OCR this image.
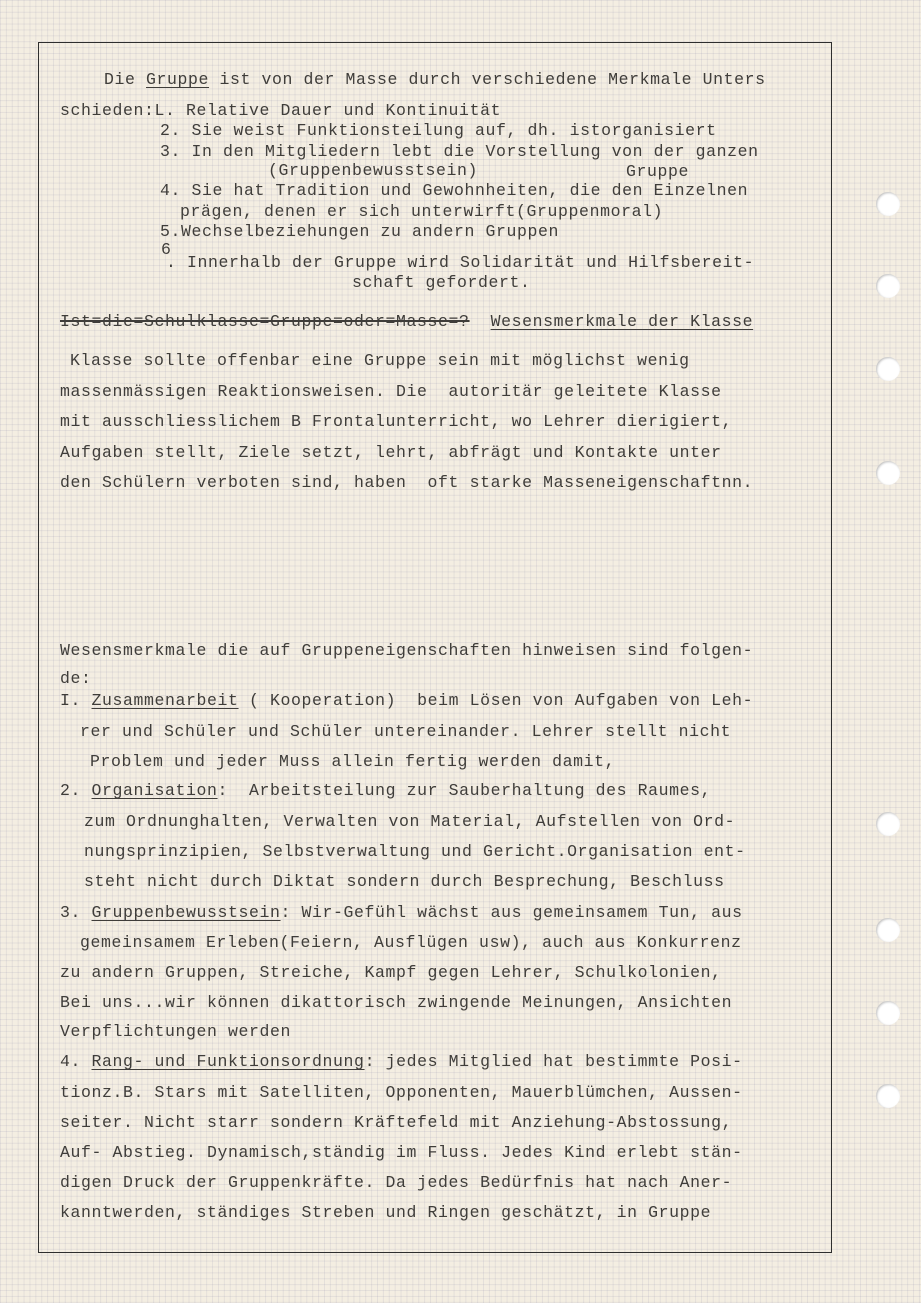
Die Gruppe ist von der Masse durch verschiedene Merkmale Unters
schieden:L. Relative Dauer und Kontinuität
2. Sie weist Funktionsteilung auf, dh. istorganisiert
3. In den Mitgliedern lebt die Vorstellung von der ganzen
(Gruppenbewusstsein)	Gruppe
4. Sie hat Tradition und Gewohnheiten, die den Einzelnen
prägen, denen er sich unterwirft(Gruppenmoral)
5.Wechselbeziehungen zu andern Gruppen
6
. Innerhalb der Gruppe wird Solidarität und Hilfsbereit-
schaft gefordert.
Ist=die=Schulklasse=Gruppe=oder=Masse=? Wesensmerkmale der Klasse
Klasse sollte offenbar eine Gruppe sein mit möglichst wenig
massenmässigen Reaktionsweisen. Die  autoritär geleitete Klasse
mit ausschliesslichem B Frontalunterricht, wo Lehrer dierigiert,
Aufgaben stellt, Ziele setzt, lehrt, abfrägt und Kontakte unter
den Schülern verboten sind, haben  oft starke Masseneigenschaftnn.
Wesensmerkmale die auf Gruppeneigenschaften hinweisen sind folgen-
de:
I. Zusammenarbeit ( Kooperation)  beim Lösen von Aufgaben von Leh-
rer und Schüler und Schüler untereinander. Lehrer stellt nicht
Problem und jeder Muss allein fertig werden damit,
2. Organisation:  Arbeitsteilung zur Sauberhaltung des Raumes,
zum Ordnunghalten, Verwalten von Material, Aufstellen von Ord-
nungsprinzipien, Selbstverwaltung und Gericht.Organisation ent-
steht nicht durch Diktat sondern durch Besprechung, Beschluss
3. Gruppenbewusstsein: Wir-Gefühl wächst aus gemeinsamem Tun, aus
gemeinsamem Erleben(Feiern, Ausflügen usw), auch aus Konkurrenz
zu andern Gruppen, Streiche, Kampf gegen Lehrer, Schulkolonien,
Bei uns...wir können dikattorisch zwingende Meinungen, Ansichten
Verpflichtungen werden
4. Rang- und Funktionsordnung: jedes Mitglied hat bestimmte Posi-
tionz.B. Stars mit Satelliten, Opponenten, Mauerblümchen, Aussen-
seiter. Nicht starr sondern Kräftefeld mit Anziehung-Abstossung,
Auf- Abstieg. Dynamisch,ständig im Fluss. Jedes Kind erlebt stän-
digen Druck der Gruppenkräfte. Da jedes Bedürfnis hat nach Aner-
kanntwerden, ständiges Streben und Ringen geschätzt, in Gruppe
